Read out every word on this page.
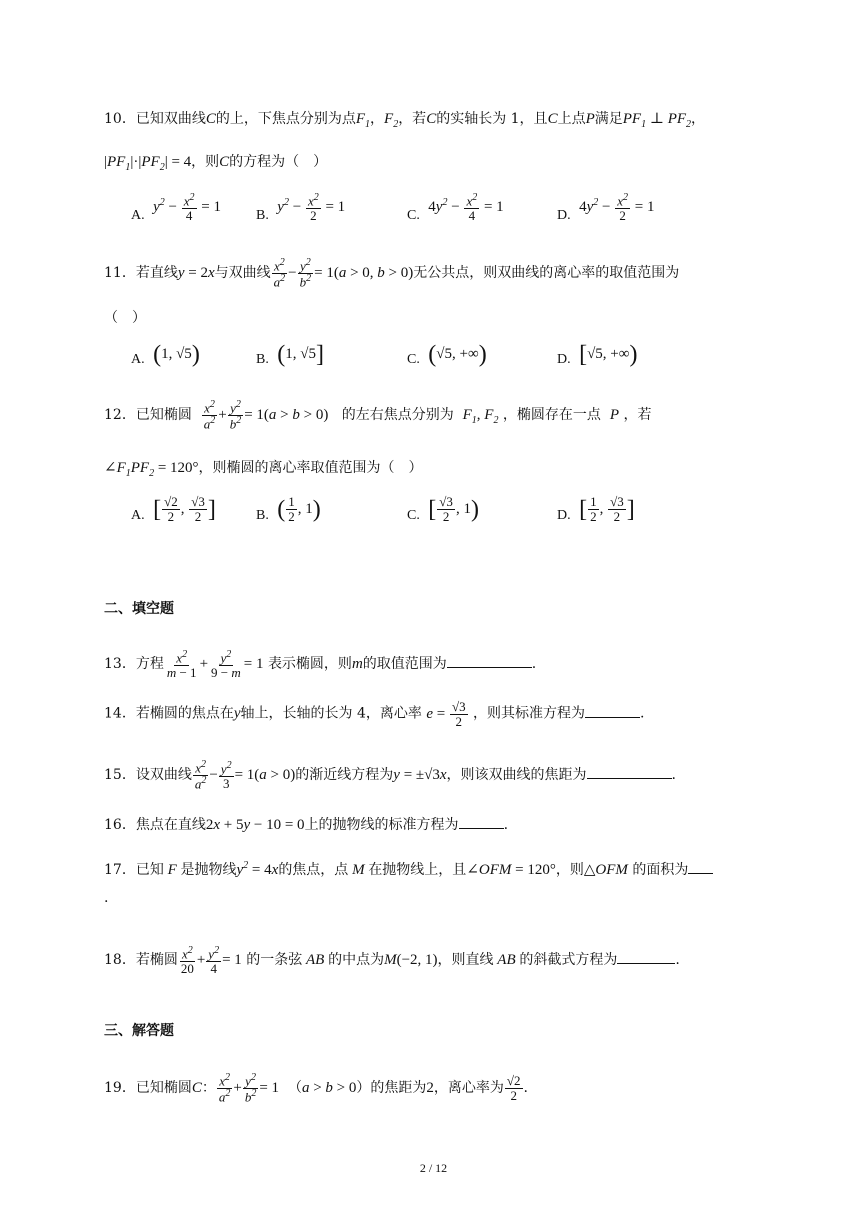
10．已知双曲线C的上，下焦点分别为点$F_1$，$F_2$，若C的实轴长为 1，且C上点P满足$PF_1$ ⊥ $PF_2$，
$|PF_1|\cdot|PF_2| = 4$，则C的方程为（　）
A. $y^2 - \frac{x^2}{4} = 1$	B. $y^2 - \frac{x^2}{2} = 1$	C. $4y^2 - \frac{x^2}{4} = 1$	D. $4y^2 - \frac{x^2}{2} = 1$
11．若直线y = 2x与双曲线 $\frac{x^2}{a^2} - \frac{y^2}{b^2} = 1(a > 0$, b > 0)无公共点，则双曲线的离心率的取值范围为
（　）
A. (1, √5)	B. (1, √5]	C. (√5, +∞)	D. [√5, +∞)
12．已知椭圆 $\frac{x^2}{a^2} + \frac{y^2}{b^2} = 1(a > b > 0)$ 的左右焦点分别为 $F_1$, $F_2$ ，椭圆存在一点 P ，若
$\angle F_1PF_2 = 120^\circ$，则椭圆的离心率取值范围为（　）
A. [ $\frac{√2}{2}$ , $\frac{√3}{2}$ ]	B. ( $\frac{1}{2}$ , 1)	C. [ $\frac{√3}{2}$ , 1)	D. [ $\frac{1}{2}$ , $\frac{√3}{2}$ ]
二、填空题
13．方程 $\frac{x^2}{m - 1} + \frac{y^2}{9 - m} = 1$ 表示椭圆，则m的取值范围为	.
14．若椭圆的焦点在y轴上，长轴的长为 4，离心率 $e = \frac{√3}{2}$ ，则其标准方程为	.
15．设双曲线 $\frac{x^2}{a^2} - \frac{y^2}{3} = 1(a > 0)$的渐近线方程为y = ±√3x，则该双曲线的焦距为	.
16．焦点在直线2x + 5y − 10 = 0上的抛物线的标准方程为	.
17．已知 F 是抛物线$y^2 = 4x$的焦点，点 M 在抛物线上，且∠OFM = 120°，则△OFM 的面积为
.
18．若椭圆 $\frac{x^2}{20} + \frac{y^2}{4} = 1$ 的一条弦 AB 的中点为M(−2, 1)，则直线 AB 的斜截式方程为	.
三、解答题
19．已知椭圆C： $\frac{x^2}{a^2} + \frac{y^2}{b^2} = 1$ （a > b > 0）的焦距为2，离心率为 $\frac{√2}{2}$ .
2 / 12
